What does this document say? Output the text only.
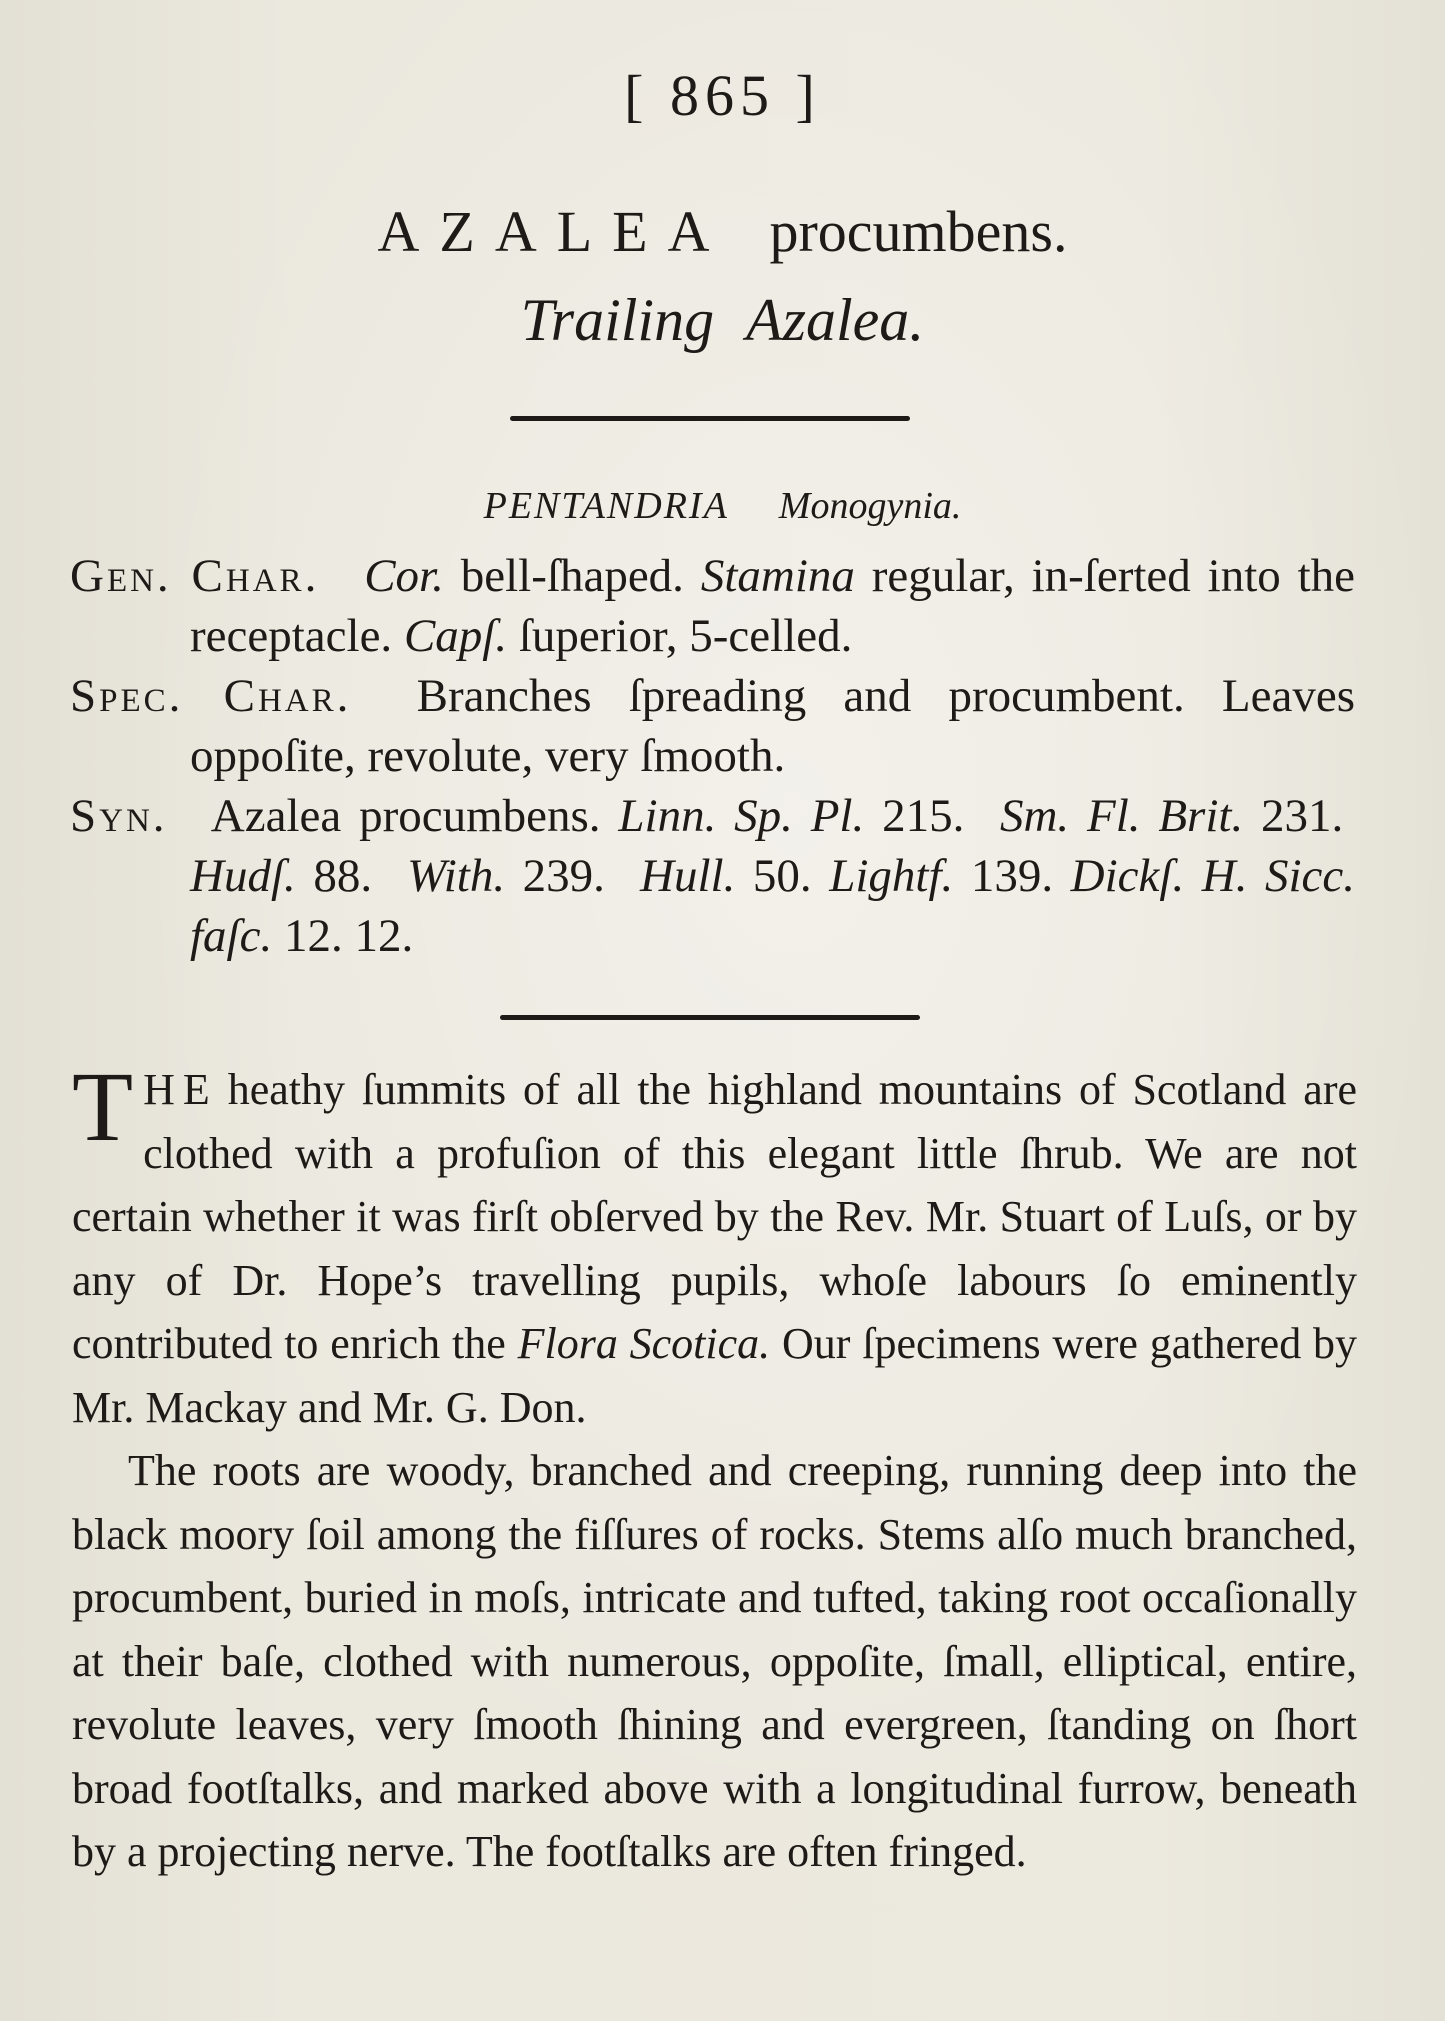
[ 865 ]
AZALEA procumbens.
Trailing Azalea.
PENTANDRIA Monogynia.

Gen. Char. Cor. bell-ſhaped. Stamina regular, in-ſerted into the receptacle. Capſ. ſuperior, 5-celled.

Spec. Char. Branches ſpreading and procumbent. Leaves oppoſite, revolute, very ſmooth.

Syn. Azalea procumbens. Linn. Sp. Pl. 215. Sm. Fl. Brit. 231.  Hudſ. 88. With. 239. Hull. 50. Lightf. 139. Dickſ. H. Sicc. faſc. 12. 12.

THE heathy ſummits of all the highland mountains of Scotland are clothed with a profuſion of this elegant little ſhrub. We are not certain whether it was firſt obſerved by the Rev. Mr. Stuart of Luſs, or by any of Dr. Hope’s travelling pupils, whoſe labours ſo eminently contributed to enrich the Flora Scotica. Our ſpecimens were gathered by Mr. Mackay and Mr. G. Don.

The roots are woody, branched and creeping, running deep into the black moory ſoil among the fiſſures of rocks. Stems alſo much branched, procumbent, buried in moſs, intricate and tufted, taking root occaſionally at their baſe, clothed with numerous, oppoſite, ſmall, elliptical, entire, revolute leaves, very ſmooth ſhining and evergreen, ſtanding on ſhort broad footſtalks, and marked above with a longitudinal furrow, beneath by a projecting nerve. The footſtalks are often fringed.
